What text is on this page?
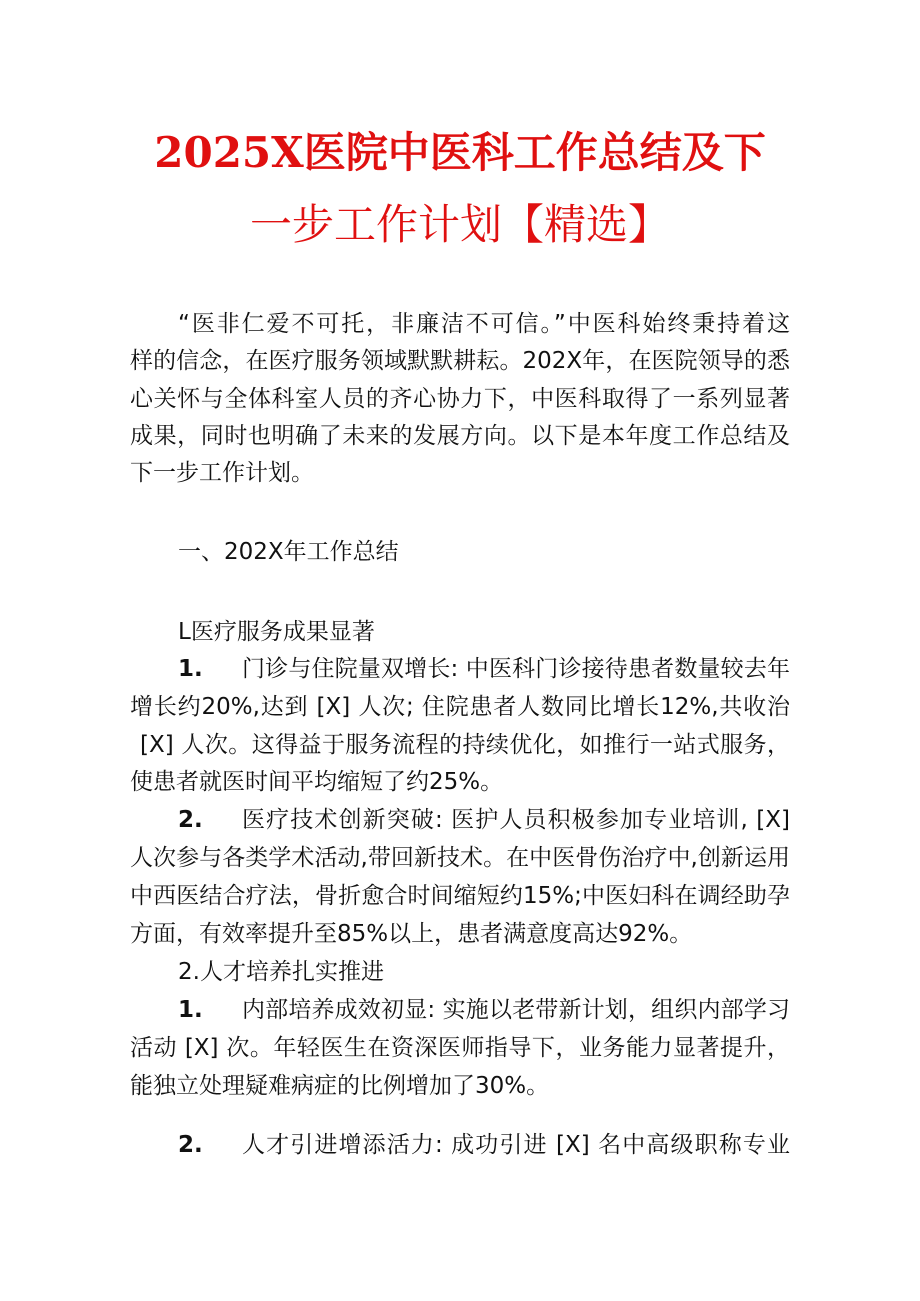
2025X医院中医科工作总结及下
一步工作计划【精选】
“医非仁爱不可托，非廉洁不可信。”中医科始终秉持着这
样的信念，在医疗服务领域默默耕耘。202X年，在医院领导的悉
心关怀与全体科室人员的齐心协力下，中医科取得了一系列显著
成果，同时也明确了未来的发展方向。以下是本年度工作总结及
下一步工作计划。
一、202X年工作总结
L医疗服务成果显著
1. 门诊与住院量双增长: 中医科门诊接待患者数量较去年
增长约20%,达到 [X] 人次; 住院患者人数同比增长12%,共收治
[X] 人次。这得益于服务流程的持续优化，如推行一站式服务，
使患者就医时间平均缩短了约25%。
2. 医疗技术创新突破: 医护人员积极参加专业培训, [X]
人次参与各类学术活动,带回新技术。在中医骨伤治疗中,创新运用
中西医结合疗法，骨折愈合时间缩短约15%;中医妇科在调经助孕
方面，有效率提升至85%以上，患者满意度高达92%。
2.人才培养扎实推进
1. 内部培养成效初显: 实施以老带新计划，组织内部学习
活动 [X] 次。年轻医生在资深医师指导下，业务能力显著提升，
能独立处理疑难病症的比例增加了30%。
2. 人才引进增添活力: 成功引进 [X] 名中高级职称专业
